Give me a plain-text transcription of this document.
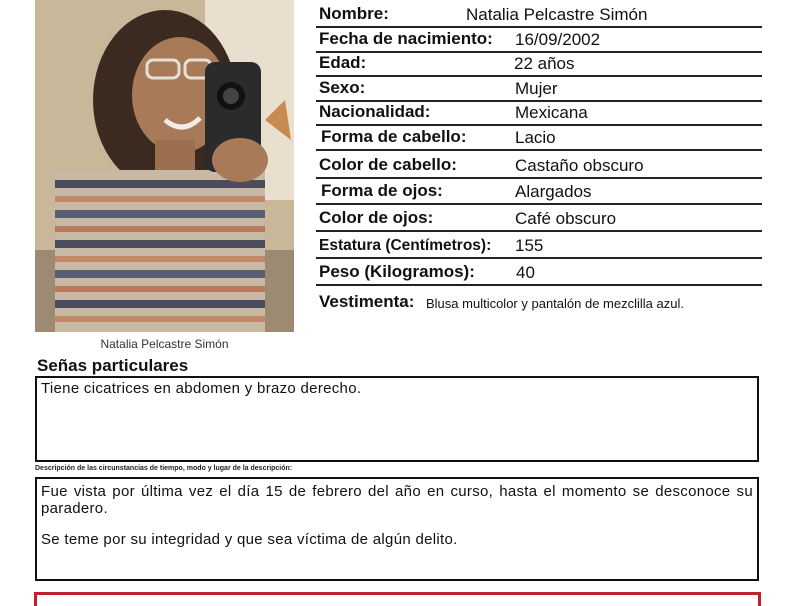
Natalia Pelcastre Simón
Nombre:	Natalia Pelcastre Simón
Fecha de nacimiento: 16/09/2002
Edad:	22 años
Sexo:	Mujer
Nacionalidad:	Mexicana
Forma de cabello:	Lacio
Color de cabello:	Castaño obscuro
Forma de ojos:	Alargados
Color de ojos:	Café obscuro
Estatura (Centímetros): 155
Peso (Kilogramos): 40
Vestimenta: Blusa multicolor y pantalón de mezclilla azul.
Señas particulares
Tiene cicatrices en abdomen y brazo derecho.
Descripción de las circunstancias de tiempo, modo y lugar de la descripción:

Fue vista por última vez el día 15 de febrero del año en curso, hasta el momento se desconoce su paradero.

Se teme por su integridad y que sea víctima de algún delito.
